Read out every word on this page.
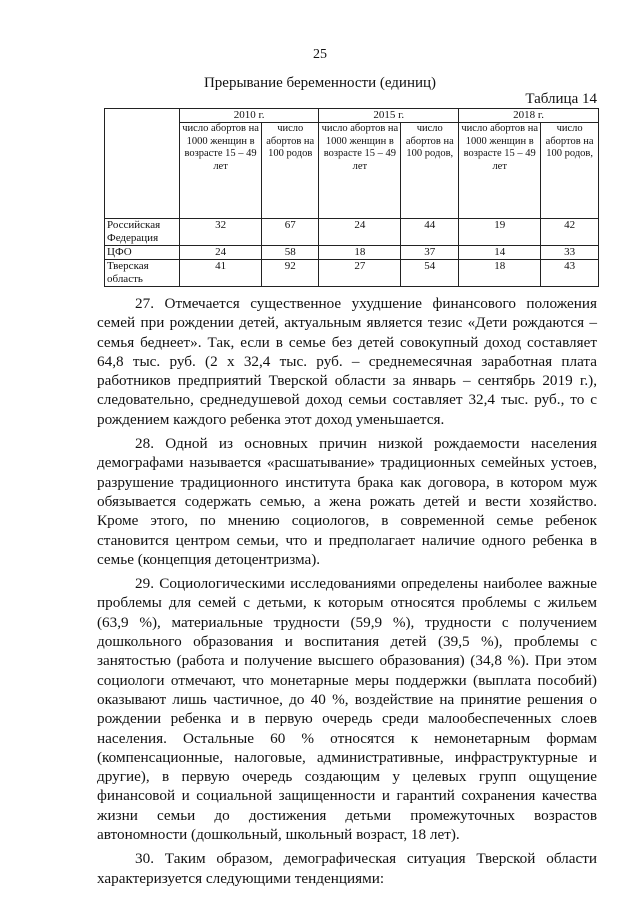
25
Прерывание беременности (единиц)
Таблица 14
	2010 г.		2015 г.		2018 г.	
	число абортов на 1000 женщин в возрасте 15 – 49 лет	число абортов на 100 родов	число абортов на 1000 женщин в возрасте 15 – 49 лет	число абортов на 100 родов,	число абортов на 1000 женщин в возрасте 15 – 49 лет	число абортов на 100 родов,
Российская Федерация	32	67	24	44	19	42
ЦФО	24	58	18	37	14	33
Тверская область	41	92	27	54	18	43

27. Отмечается существенное ухудшение финансового положения семей при рождении детей, актуальным является тезис «Дети рождаются – семья беднеет». Так, если в семье без детей совокупный доход составляет 64,8 тыс. руб. (2 х 32,4 тыс. руб. – среднемесячная заработная плата работников предприятий Тверской области за январь – сентябрь 2019 г.), следовательно, среднедушевой доход семьи составляет 32,4 тыс. руб., то с рождением каждого ребенка этот доход уменьшается.

28. Одной из основных причин низкой рождаемости населения демографами называется «расшатывание» традиционных семейных устоев, разрушение традиционного института брака как договора, в котором муж обязывается содержать семью, а жена рожать детей и вести хозяйство. Кроме этого, по мнению социологов, в современной семье ребенок становится центром семьи, что и предполагает наличие одного ребенка в семье (концепция детоцентризма).

29. Социологическими исследованиями определены наиболее важные проблемы для семей с детьми, к которым относятся проблемы с жильем (63,9 %), материальные трудности (59,9 %), трудности с получением дошкольного образования и воспитания детей (39,5 %), проблемы с занятостью (работа и получение высшего образования) (34,8 %). При этом социологи отмечают, что монетарные меры поддержки (выплата пособий) оказывают лишь частичное, до 40 %, воздействие на принятие решения о рождении ребенка и в первую очередь среди малообеспеченных слоев населения. Остальные 60 % относятся к немонетарным формам (компенсационные, налоговые, административные, инфраструктурные и другие), в первую очередь создающим у целевых групп ощущение финансовой и социальной защищенности и гарантий сохранения качества жизни семьи до достижения детьми промежуточных возрастов автономности (дошкольный, школьный возраст, 18 лет).

30. Таким образом, демографическая ситуация Тверской области характеризуется следующими тенденциями:
